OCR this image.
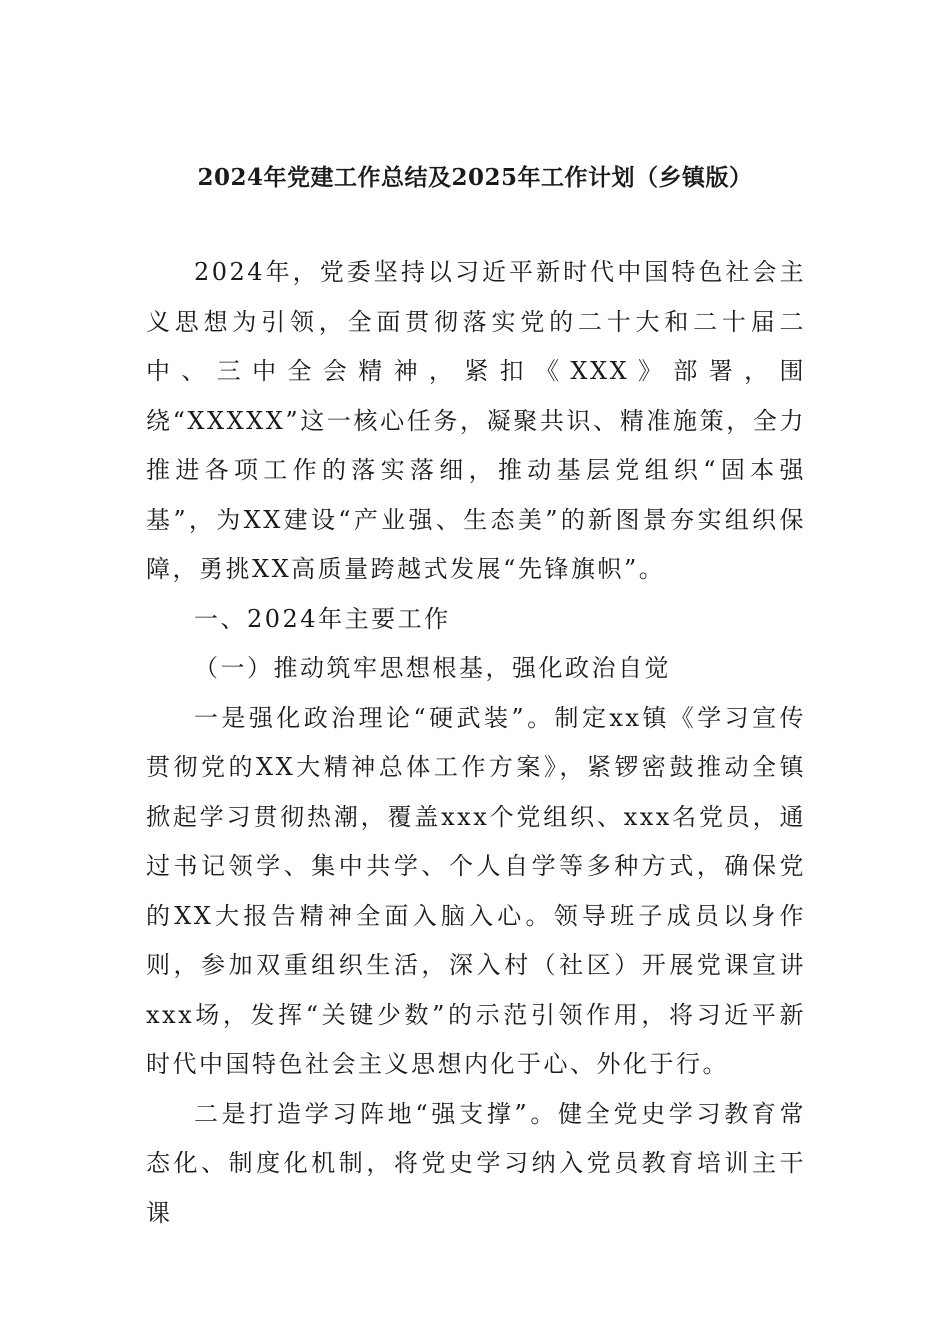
2024年党建工作总结及2025年工作计划（乡镇版）

2024年，党委坚持以习近平新时代中国特色社会主义思想为引领，全面贯彻落实党的二十大和二十届二中、三中全会精神，紧扣《XXX》部署，围绕“XXXXX”这一核心任务，凝聚共识、精准施策，全力推进各项工作的落实落细，推动基层党组织“固本强基”，为XX建设“产业强、生态美”的新图景夯实组织保障，勇挑XX高质量跨越式发展“先锋旗帜”。

一、2024年主要工作

（一）推动筑牢思想根基，强化政治自觉

一是强化政治理论“硬武装”。制定xx镇《学习宣传贯彻党的XX大精神总体工作方案》，紧锣密鼓推动全镇掀起学习贯彻热潮，覆盖xxx个党组织、xxx名党员，通过书记领学、集中共学、个人自学等多种方式，确保党的XX大报告精神全面入脑入心。领导班子成员以身作则，参加双重组织生活，深入村（社区）开展党课宣讲xxx场，发挥“关键少数”的示范引领作用，将习近平新时代中国特色社会主义思想内化于心、外化于行。

二是打造学习阵地“强支撑”。健全党史学习教育常态化、制度化机制，将党史学习纳入党员教育培训主干课
